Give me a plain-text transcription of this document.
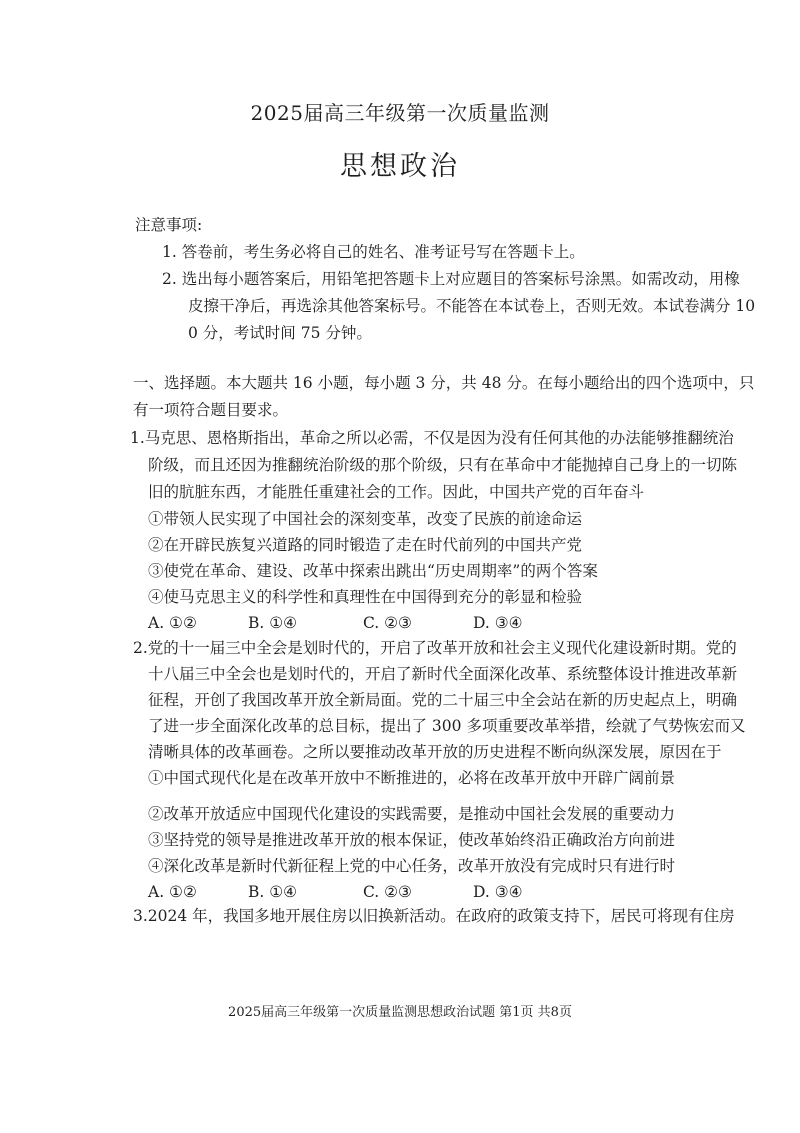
2025届高三年级第一次质量监测
思想政治
注意事项:
1. 答卷前，考生务必将自己的姓名、准考证号写在答题卡上。
2. 选出每小题答案后，用铅笔把答题卡上对应题目的答案标号涂黑。如需改动，用橡
皮擦干净后，再选涂其他答案标号。不能答在本试卷上，否则无效。本试卷满分 10
0 分，考试时间 75 分钟。
一、选择题。本大题共 16 小题，每小题 3 分，共 48 分。在每小题给出的四个选项中，只
有一项符合题目要求。
1.马克思、恩格斯指出，革命之所以必需，不仅是因为没有任何其他的办法能够推翻统治
阶级，而且还因为推翻统治阶级的那个阶级，只有在革命中才能抛掉自己身上的一切陈
旧的肮脏东西，才能胜任重建社会的工作。因此，中国共产党的百年奋斗
①带领人民实现了中国社会的深刻变革，改变了民族的前途命运
②在开辟民族复兴道路的同时锻造了走在时代前列的中国共产党
③使党在革命、建设、改革中探索出跳出“历史周期率”的两个答案
④使马克思主义的科学性和真理性在中国得到充分的彰显和检验
A. ①②	B. ①④	C. ②③	D. ③④
2.党的十一届三中全会是划时代的，开启了改革开放和社会主义现代化建设新时期。党的
十八届三中全会也是划时代的，开启了新时代全面深化改革、系统整体设计推进改革新
征程，开创了我国改革开放全新局面。党的二十届三中全会站在新的历史起点上，明确
了进一步全面深化改革的总目标，提出了 300 多项重要改革举措，绘就了气势恢宏而又
清晰具体的改革画卷。之所以要推动改革开放的历史进程不断向纵深发展，原因在于
①中国式现代化是在改革开放中不断推进的，必将在改革开放中开辟广阔前景
②改革开放适应中国现代化建设的实践需要，是推动中国社会发展的重要动力
③坚持党的领导是推进改革开放的根本保证，使改革始终沿正确政治方向前进
④深化改革是新时代新征程上党的中心任务，改革开放没有完成时只有进行时
A. ①②	B. ①④	C. ②③	D. ③④
3.2024 年，我国多地开展住房以旧换新活动。在政府的政策支持下，居民可将现有住房
2025届高三年级第一次质量监测思想政治试题 第1页 共8页
